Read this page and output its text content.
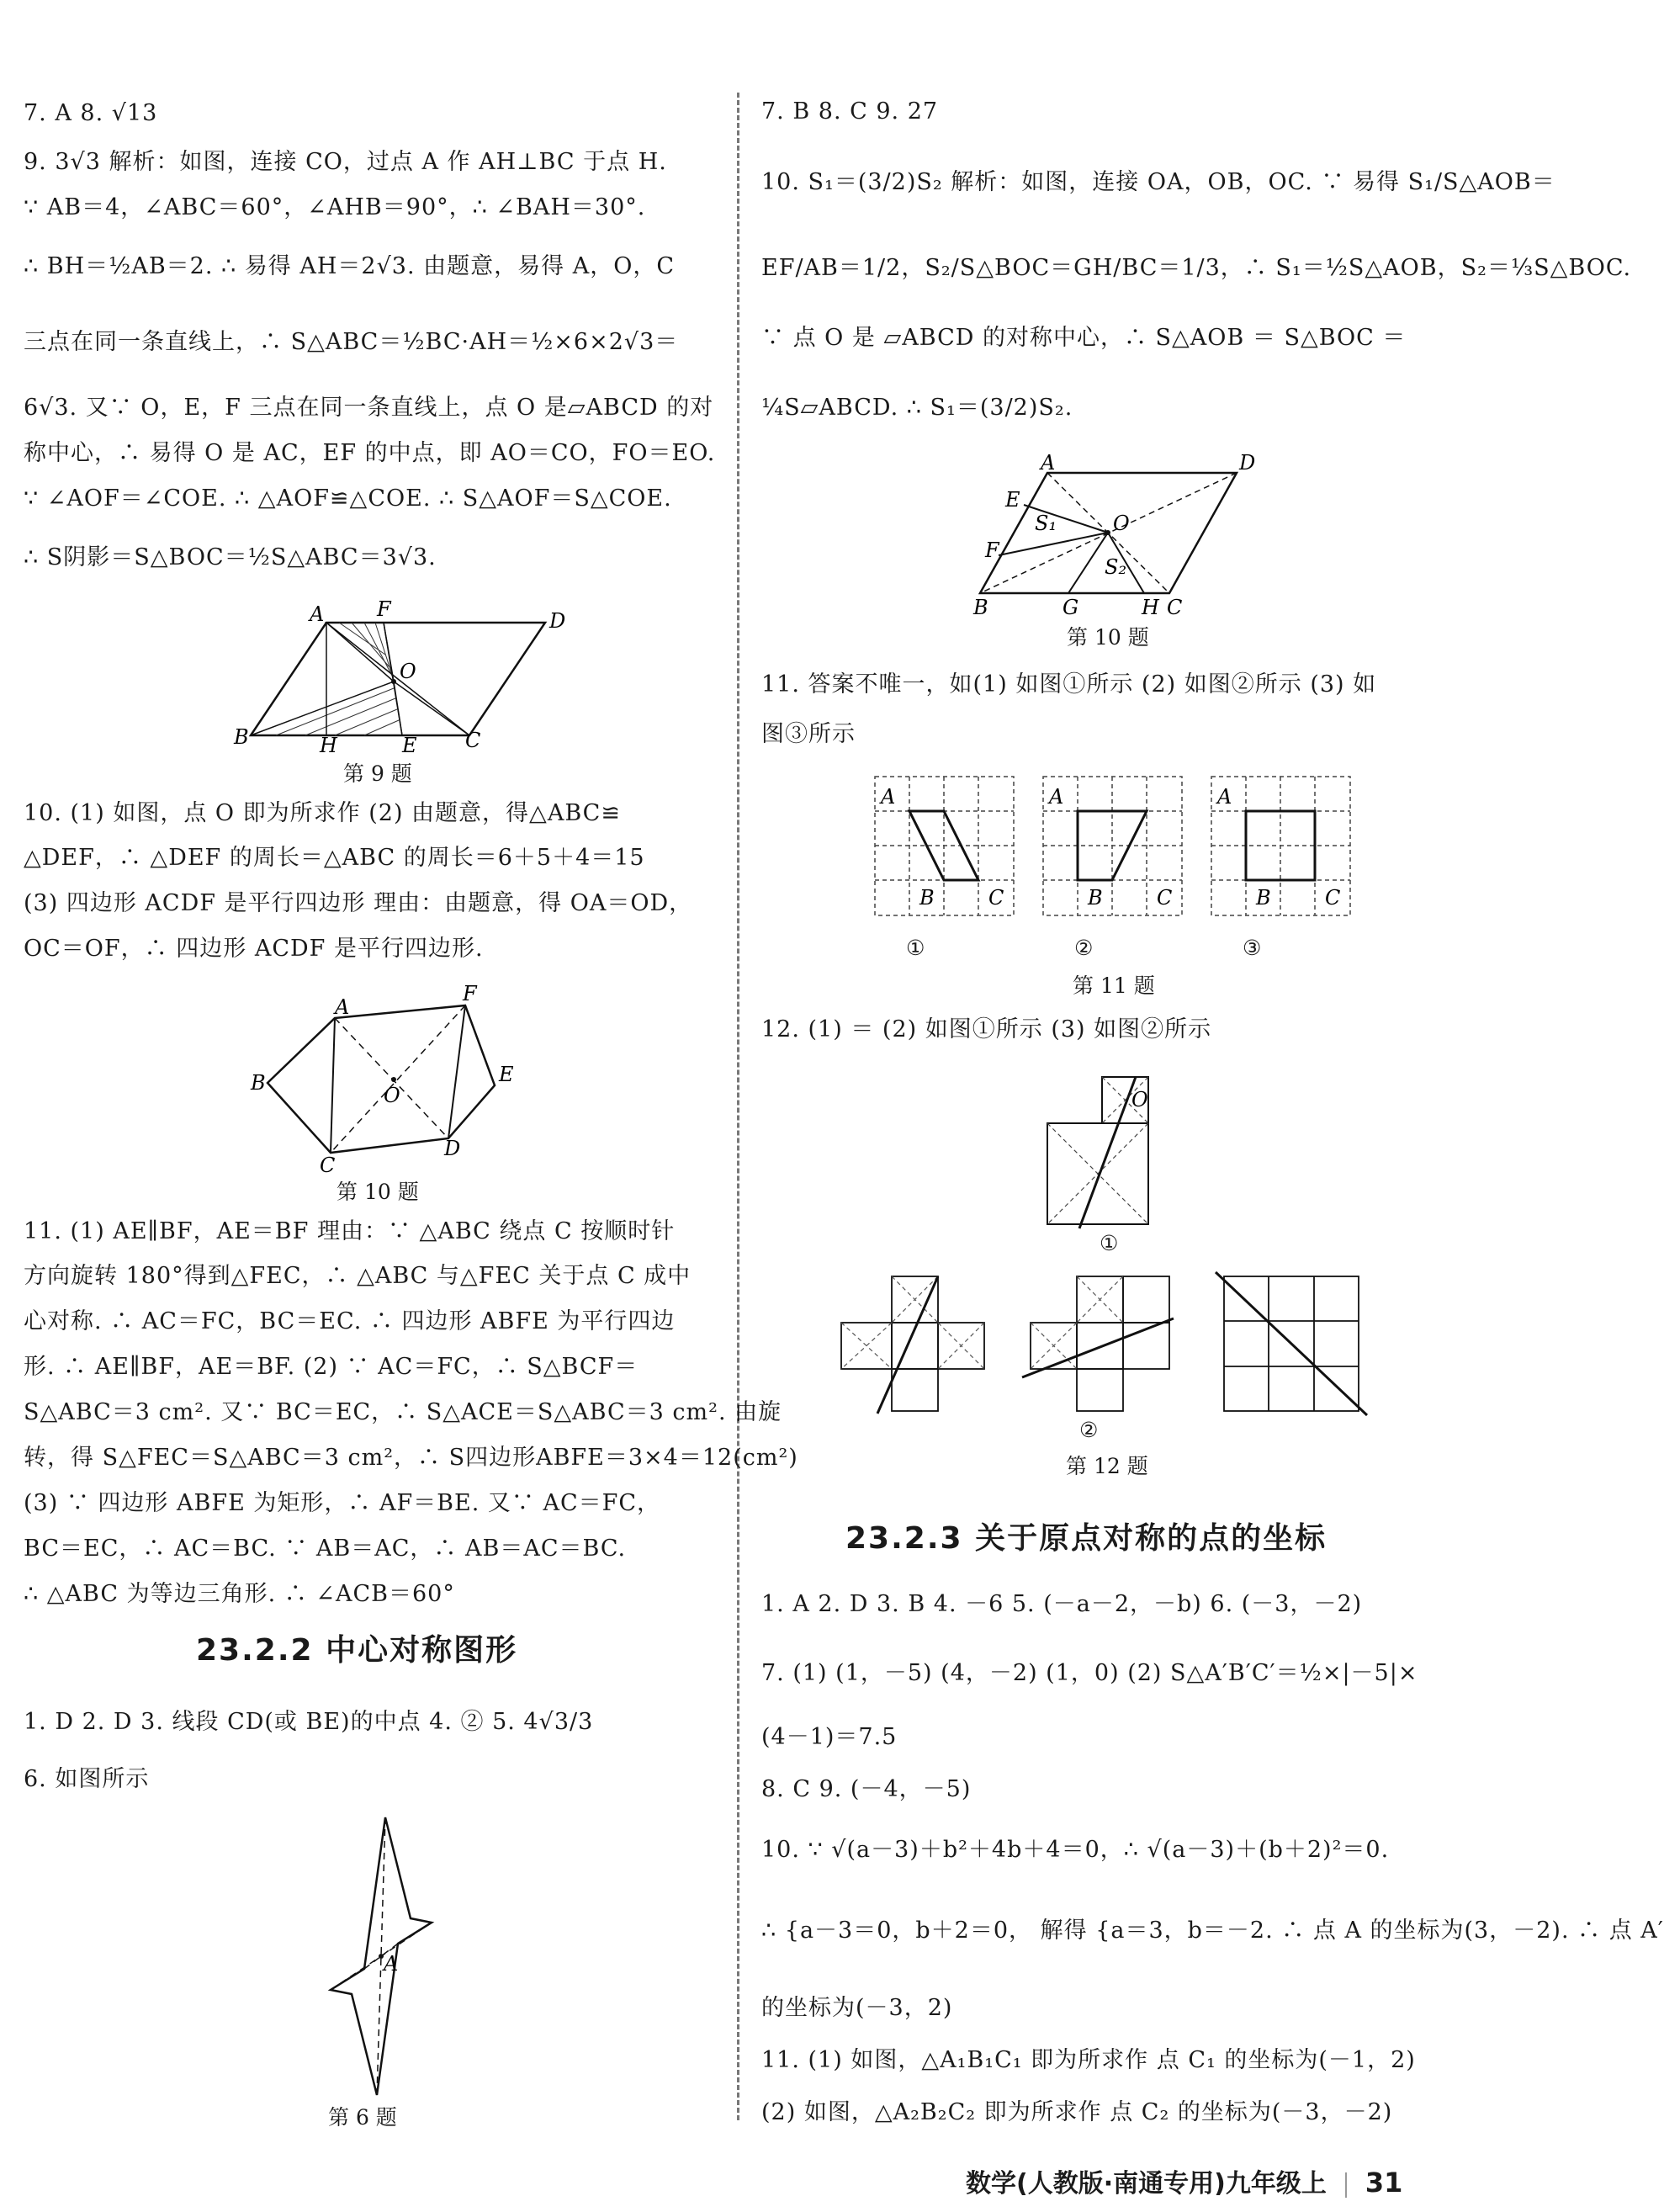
7. A 8. √13
9. 3√3 解析：如图，连接 CO，过点 A 作 AH⊥BC 于点 H.
∵ AB＝4，∠ABC＝60°，∠AHB＝90°，∴ ∠BAH＝30°.
∴ BH＝½AB＝2. ∴ 易得 AH＝2√3. 由题意，易得 A，O，C
三点在同一条直线上，∴ S△ABC＝½BC·AH＝½×6×2√3＝
6√3. 又∵ O，E，F 三点在同一条直线上，点 O 是▱ABCD 的对
称中心，∴ 易得 O 是 AC，EF 的中点，即 AO＝CO，FO＝EO.
∵ ∠AOF＝∠COE. ∴ △AOF≌△COE. ∴ S△AOF＝S△COE.
∴ S阴影＝S△BOC＝½S△ABC＝3√3.
A	F	D
O
B	H	E C
第 9 题
10. (1) 如图，点 O 即为所求作 (2) 由题意，得△ABC≌
△DEF，∴ △DEF 的周长＝△ABC 的周长＝6＋5＋4＝15
(3) 四边形 ACDF 是平行四边形 理由：由题意，得 OA＝OD，
OC＝OF，∴ 四边形 ACDF 是平行四边形.
A
F
E
B
O
D
C
第 10 题
11. (1) AE∥BF，AE＝BF 理由：∵ △ABC 绕点 C 按顺时针
方向旋转 180°得到△FEC，∴ △ABC 与△FEC 关于点 C 成中
心对称. ∴ AC＝FC，BC＝EC. ∴ 四边形 ABFE 为平行四边
形. ∴ AE∥BF，AE＝BF. (2) ∵ AC＝FC，∴ S△BCF＝
S△ABC＝3 cm². 又∵ BC＝EC，∴ S△ACE＝S△ABC＝3 cm². 由旋
转，得 S△FEC＝S△ABC＝3 cm²，∴ S四边形ABFE＝3×4＝12(cm²)
(3) ∵ 四边形 ABFE 为矩形，∴ AF＝BE. 又∵ AC＝FC，
BC＝EC，∴ AC＝BC. ∵ AB＝AC，∴ AB＝AC＝BC.
∴ △ABC 为等边三角形. ∴ ∠ACB＝60°
23.2.2 中心对称图形
1. D 2. D 3. 线段 CD(或 BE)的中点 4. ② 5. 4√3/3
6. 如图所示
A
第 6 题
7. B 8. C 9. 27
10. S₁＝(3/2)S₂ 解析：如图，连接 OA，OB，OC. ∵ 易得 S₁/S△AOB＝
EF/AB＝1/2，S₂/S△BOC＝GH/BC＝1/3，∴ S₁＝½S△AOB，S₂＝⅓S△BOC.
∵ 点 O 是 ▱ABCD 的对称中心，∴ S△AOB ＝ S△BOC ＝
¼S▱ABCD. ∴ S₁＝(3/2)S₂.
A	D
E
S₁	O
F
S₂
B	G	H C
第 10 题
11. 答案不唯一，如(1) 如图①所示 (2) 如图②所示 (3) 如
图③所示
A
B	C
A
B	C
A
B	C
①	②	③
第 11 题
12. (1) ＝ (2) 如图①所示 (3) 如图②所示
O
①
②
第 12 题
23.2.3 关于原点对称的点的坐标
1. A 2. D 3. B 4. －6 5. (－a－2，－b) 6. (－3，－2)
7. (1) (1，－5) (4，－2) (1，0) (2) S△A′B′C′＝½×|－5|×
(4－1)＝7.5
8. C 9. (－4，－5)
10. ∵ √(a－3)＋b²＋4b＋4＝0，∴ √(a－3)＋(b＋2)²＝0.
∴ {a－3＝0，b＋2＝0， 解得 {a＝3，b＝－2. ∴ 点 A 的坐标为(3，－2). ∴ 点 A′
的坐标为(－3，2)
11. (1) 如图，△A₁B₁C₁ 即为所求作 点 C₁ 的坐标为(－1，2)
(2) 如图，△A₂B₂C₂ 即为所求作 点 C₂ 的坐标为(－3，－2)
数学(人教版·南通专用)九年级上 31
